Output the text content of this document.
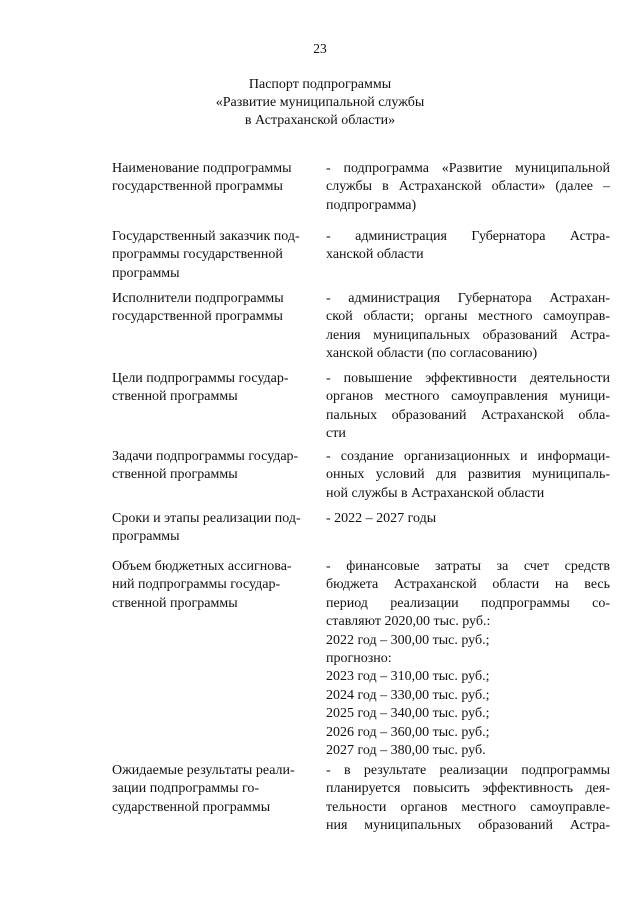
23
Паспорт подпрограммы
«Развитие муниципальной службы
в Астраханской области»
Наименование подпрограммы
государственной программы
- подпрограмма «Развитие муниципальной
службы в Астраханской области» (далее –
подпрограмма)
Государственный заказчик под-
программы государственной
программы
- администрация Губернатора Астра-
ханской области
Исполнители подпрограммы
государственной программы
- администрация Губернатора Астрахан-
ской области; органы местного самоуправ-
ления муниципальных образований Астра-
ханской области (по согласованию)
Цели подпрограммы государ-
ственной программы
- повышение эффективности деятельности
органов местного самоуправления муници-
пальных образований Астраханской обла-
сти
Задачи подпрограммы государ-
ственной программы
- создание организационных и информаци-
онных условий для развития муниципаль-
ной службы в Астраханской области
Сроки и этапы реализации под-
программы
- 2022 – 2027 годы
Объем бюджетных ассигнова-
ний подпрограммы государ-
ственной программы
- финансовые затраты за счет средств
бюджета Астраханской области на весь
период реализации подпрограммы со-
ставляют 2020,00 тыс. руб.:
2022 год – 300,00 тыс. руб.;
прогнозно:
2023 год – 310,00 тыс. руб.;
2024 год – 330,00 тыс. руб.;
2025 год – 340,00 тыс. руб.;
2026 год – 360,00 тыс. руб.;
2027 год – 380,00 тыс. руб.
Ожидаемые результаты реали-
зации подпрограммы го-
сударственной программы
- в результате реализации подпрограммы
планируется повысить эффективность дея-
тельности органов местного самоуправле-
ния муниципальных образований Астра-
